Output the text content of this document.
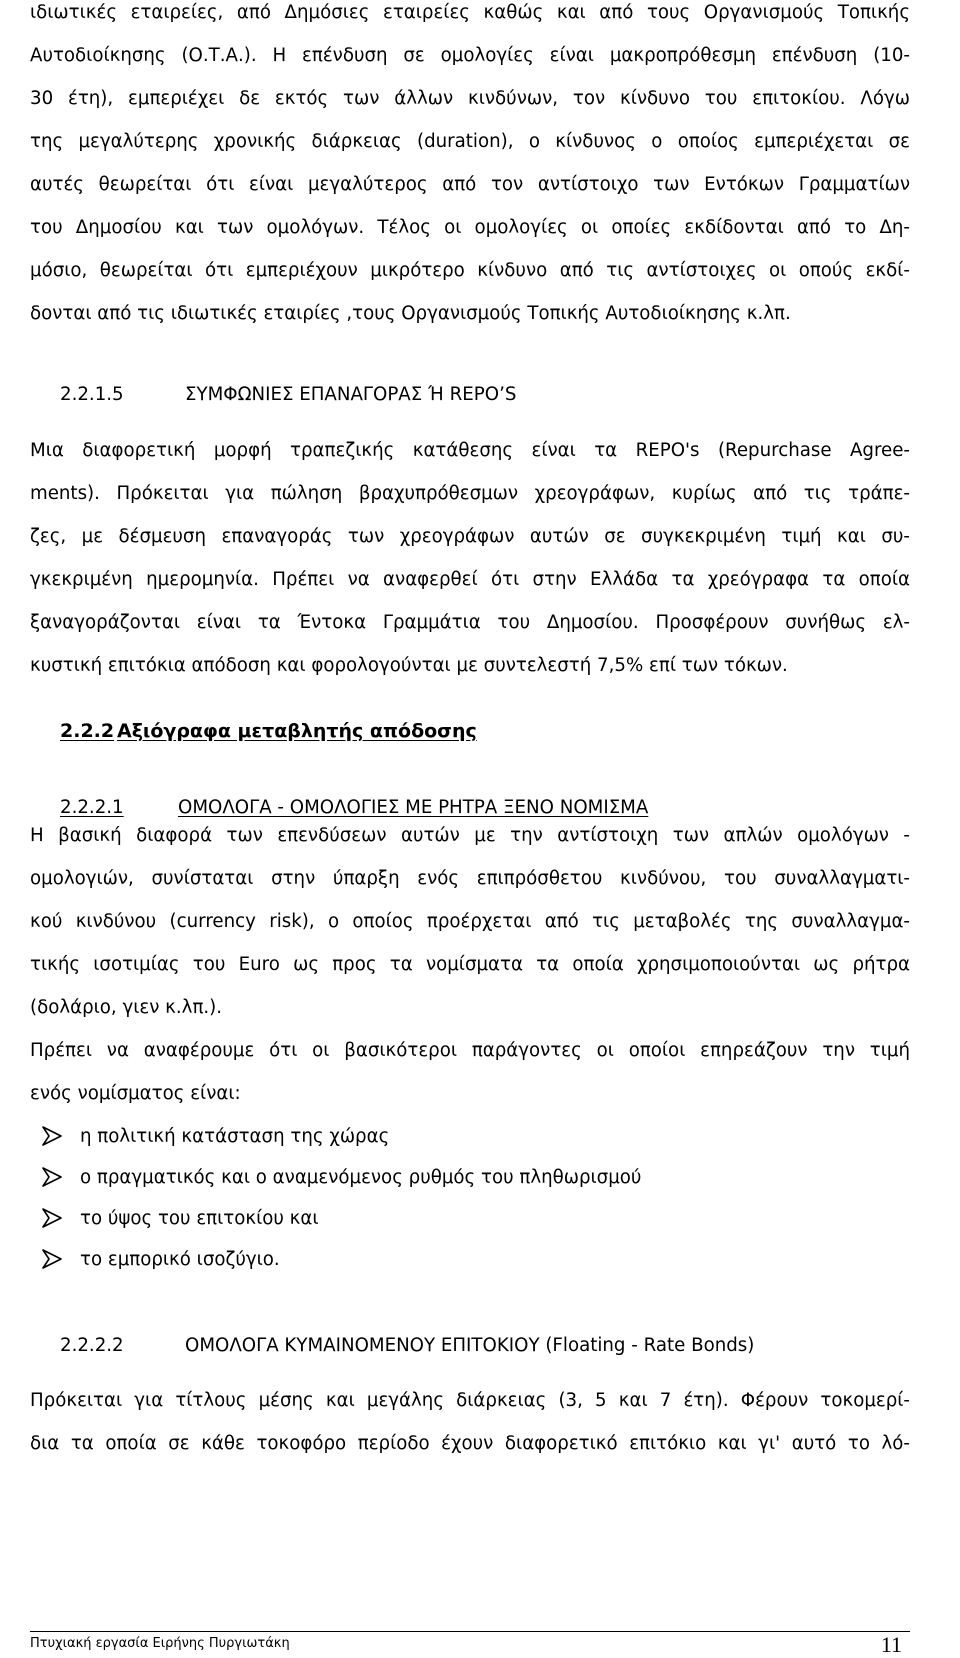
ιδιωτικές εταιρείες, από Δημόσιες εταιρείες καθώς και από τους Οργανισμούς Τοπικής
Αυτοδιοίκησης (Ο.Τ.Α.). Η επένδυση σε ομολογίες είναι μακροπρόθεσμη επένδυση (10-
30 έτη), εμπεριέχει δε εκτός των άλλων κινδύνων, τον κίνδυνο του επιτοκίου. Λόγω
της μεγαλύτερης χρονικής διάρκειας (duration), ο κίνδυνος ο οποίος εμπεριέχεται σε
αυτές θεωρείται ότι είναι μεγαλύτερος από τον αντίστοιχο των Εντόκων Γραμματίων
του Δημοσίου και των ομολόγων. Τέλος οι ομολογίες οι οποίες εκδίδονται από το Δη-
μόσιο, θεωρείται ότι εμπεριέχουν μικρότερο κίνδυνο από τις αντίστοιχες οι οπούς εκδί-
δονται από τις ιδιωτικές εταιρίες ,τους Οργανισμούς Τοπικής Αυτοδιοίκησης κ.λπ.
2.2.1.5	ΣΥΜΦΩΝΙΕΣ ΕΠΑΝΑΓΟΡΑΣ Ή REPO’S
Μια διαφορετική μορφή τραπεζικής κατάθεσης είναι τα REPO's (Repurchase Agree-
ments). Πρόκειται για πώληση βραχυπρόθεσμων χρεογράφων, κυρίως από τις τράπε-
ζες, με δέσμευση επαναγοράς των χρεογράφων αυτών σε συγκεκριμένη τιμή και συ-
γκεκριμένη ημερομηνία. Πρέπει να αναφερθεί ότι στην Ελλάδα τα χρεόγραφα τα οποία
ξαναγοράζονται είναι τα Έντοκα Γραμμάτια του Δημοσίου. Προσφέρουν συνήθως ελ-
κυστική επιτόκια απόδοση και φορολογούνται με συντελεστή 7,5% επί των τόκων.
2.2.2 Αξιόγραφα μεταβλητής απόδοσης
2.2.2.1	ΟΜΟΛΟΓΑ - ΟΜΟΛΟΓΙΕΣ ΜΕ ΡΗΤΡΑ ΞΕΝΟ ΝΟΜΙΣΜΑ
Η βασική διαφορά των επενδύσεων αυτών με την αντίστοιχη των απλών ομολόγων -
ομολογιών, συνίσταται στην ύπαρξη ενός επιπρόσθετου κινδύνου, του συναλλαγματι-
κού κινδύνου (currency risk), ο οποίος προέρχεται από τις μεταβολές της συναλλαγμα-
τικής ισοτιμίας του Euro ως προς τα νομίσματα τα οποία χρησιμοποιούνται ως ρήτρα
(δολάριο, γιεν κ.λπ.).
Πρέπει να αναφέρουμε ότι οι βασικότεροι παράγοντες οι οποίοι επηρεάζουν την τιμή
ενός νομίσματος είναι:
η πολιτική κατάσταση της χώρας
ο πραγματικός και ο αναμενόμενος ρυθμός του πληθωρισμού
το ύψος του επιτοκίου και
το εμπορικό ισοζύγιο.
2.2.2.2	ΟΜΟΛΟΓΑ ΚΥΜΑΙΝΟΜΕΝΟΥ ΕΠΙΤΟΚΙΟΥ (Floating - Rate Bonds)
Πρόκειται για τίτλους μέσης και μεγάλης διάρκειας (3, 5 και 7 έτη). Φέρουν τοκομερί-
δια τα οποία σε κάθε τοκοφόρο περίοδο έχουν διαφορετικό επιτόκιο και γι' αυτό το λό-
Πτυχιακή εργασία Ειρήνης Πυργιωτάκη	11
